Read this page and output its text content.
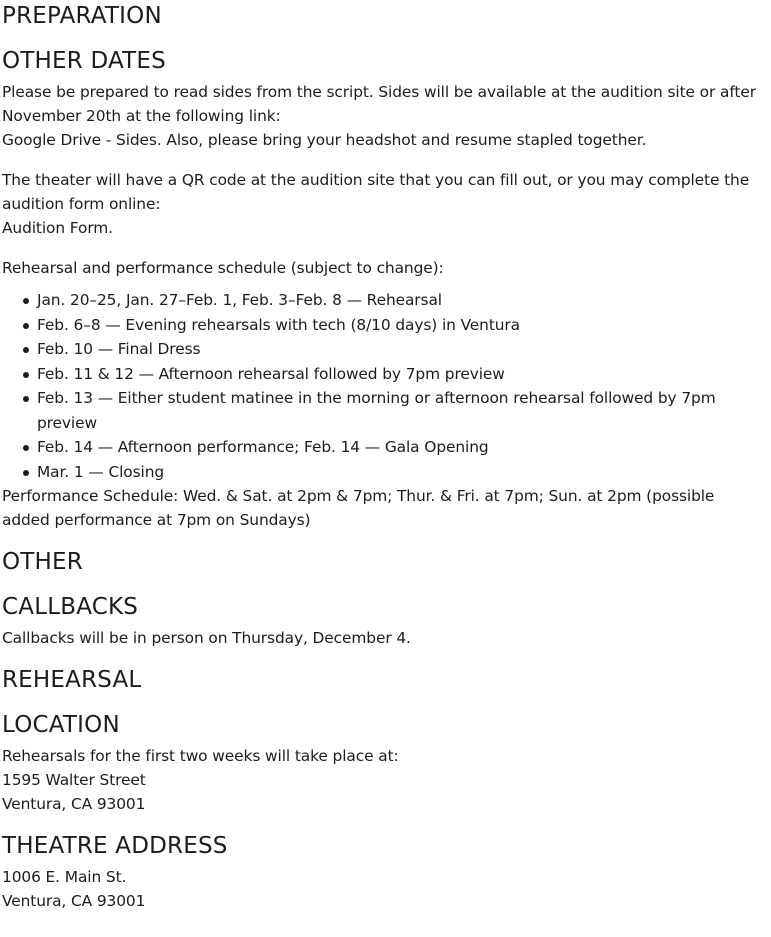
PREPARATION
OTHER DATES

Please be prepared to read sides from the script. Sides will be available at the audition site or after November 20th at the following link:
Google Drive - Sides. Also, please bring your headshot and resume stapled together.

The theater will have a QR code at the audition site that you can fill out, or you may complete the audition form online:
Audition Form.

Rehearsal and performance schedule (subject to change):

Jan. 20–25, Jan. 27–Feb. 1, Feb. 3–Feb. 8 — Rehearsal
Feb. 6–8 — Evening rehearsals with tech (8/10 days) in Ventura
Feb. 10 — Final Dress
Feb. 11 & 12 — Afternoon rehearsal followed by 7pm preview
Feb. 13 — Either student matinee in the morning or afternoon rehearsal followed by 7pm preview
Feb. 14 — Afternoon performance; Feb. 14 — Gala Opening
Mar. 1 — Closing

Performance Schedule: Wed. & Sat. at 2pm & 7pm; Thur. & Fri. at 7pm; Sun. at 2pm (possible added performance at 7pm on Sundays)

OTHER
CALLBACKS

Callbacks will be in person on Thursday, December 4.

REHEARSAL
LOCATION

Rehearsals for the first two weeks will take place at:
1595 Walter Street
Ventura, CA 93001

THEATRE ADDRESS

1006 E. Main St.
Ventura, CA 93001
